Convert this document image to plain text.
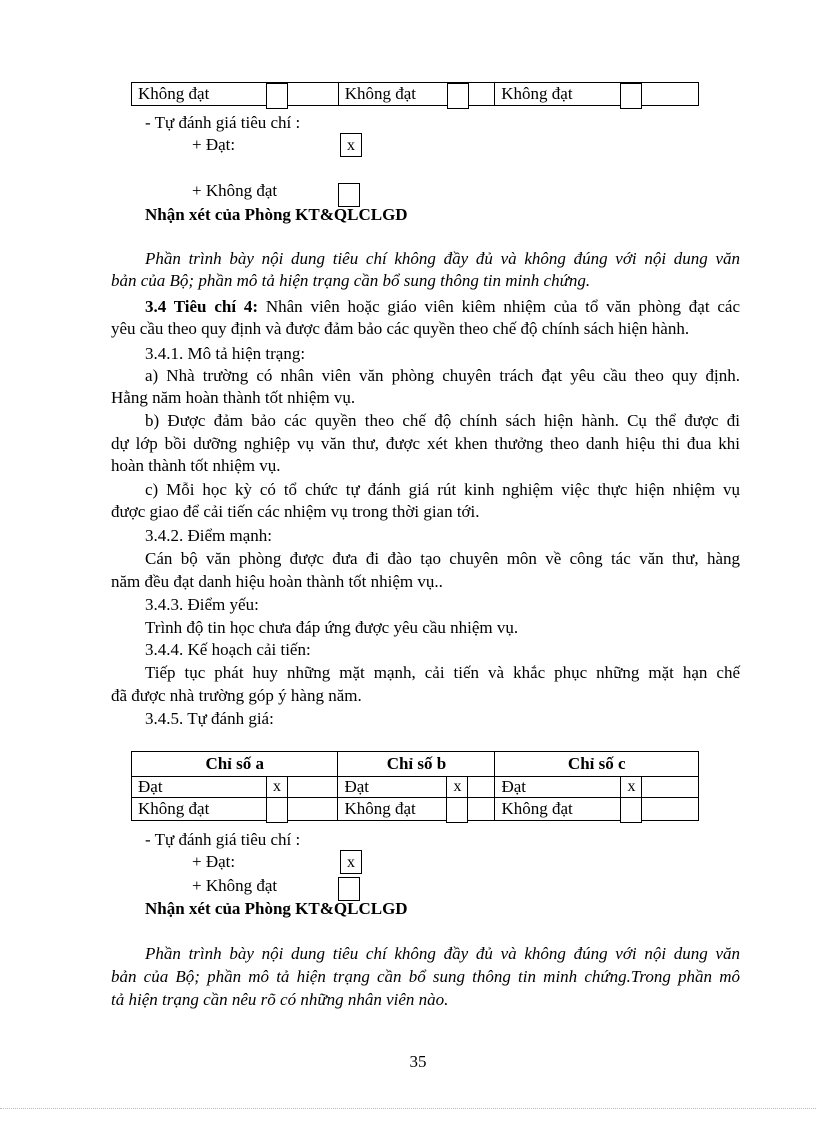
Không đạt	Không đạt	Không đạt
- Tự đánh giá tiêu chí :
+ Đạt:	x
+ Không đạt
Nhận xét của Phòng KT&QLCLGD
Phần trình bày nội dung tiêu chí không đầy đủ và không đúng với nội dung văn
bản của Bộ; phần mô tả hiện trạng cần bổ sung thông tin minh chứng.
3.4 Tiêu chí 4: Nhân viên hoặc giáo viên kiêm nhiệm của tổ văn phòng đạt các
yêu cầu theo quy định và được đảm bảo các quyền theo chế độ chính sách hiện hành.
3.4.1. Mô tả hiện trạng:
a) Nhà trường có nhân viên văn phòng chuyên trách đạt yêu cầu theo quy định.
Hằng năm hoàn thành tốt nhiệm vụ.
b) Được đảm bảo các quyền theo chế độ chính sách hiện hành. Cụ thể được đi
dự lớp bồi dưỡng nghiệp vụ văn thư, được xét khen thưởng theo danh hiệu thi đua khi
hoàn thành tốt nhiệm vụ.
c) Mỗi học kỳ có tổ chức tự đánh giá rút kinh nghiệm việc thực hiện nhiệm vụ
được giao để cải tiến các nhiệm vụ trong thời gian tới.
3.4.2. Điểm mạnh:
Cán bộ văn phòng được đưa đi đào tạo chuyên môn về công tác văn thư, hàng
năm đều đạt danh hiệu hoàn thành tốt nhiệm vụ..
3.4.3. Điểm yếu:
Trình độ tin học chưa đáp ứng được yêu cầu nhiệm vụ.
3.4.4. Kế hoạch cải tiến:
Tiếp tục phát huy những mặt mạnh, cải tiến và khắc phục những mặt hạn chế
đã được nhà trường góp ý hàng năm.
3.4.5. Tự đánh giá:
Chỉ số a	Chỉ số b	Chỉ số c
Đạt x	Đạt x	Đạt x

Không đạt	Không đạt	Không đạt
- Tự đánh giá tiêu chí :
+ Đạt:	x
+ Không đạt
Nhận xét của Phòng KT&QLCLGD
Phần trình bày nội dung tiêu chí không đầy đủ và không đúng với nội dung văn
bản của Bộ; phần mô tả hiện trạng cần bổ sung thông tin minh chứng.Trong phần mô
tả hiện trạng cần nêu rõ có những nhân viên nào.
35
